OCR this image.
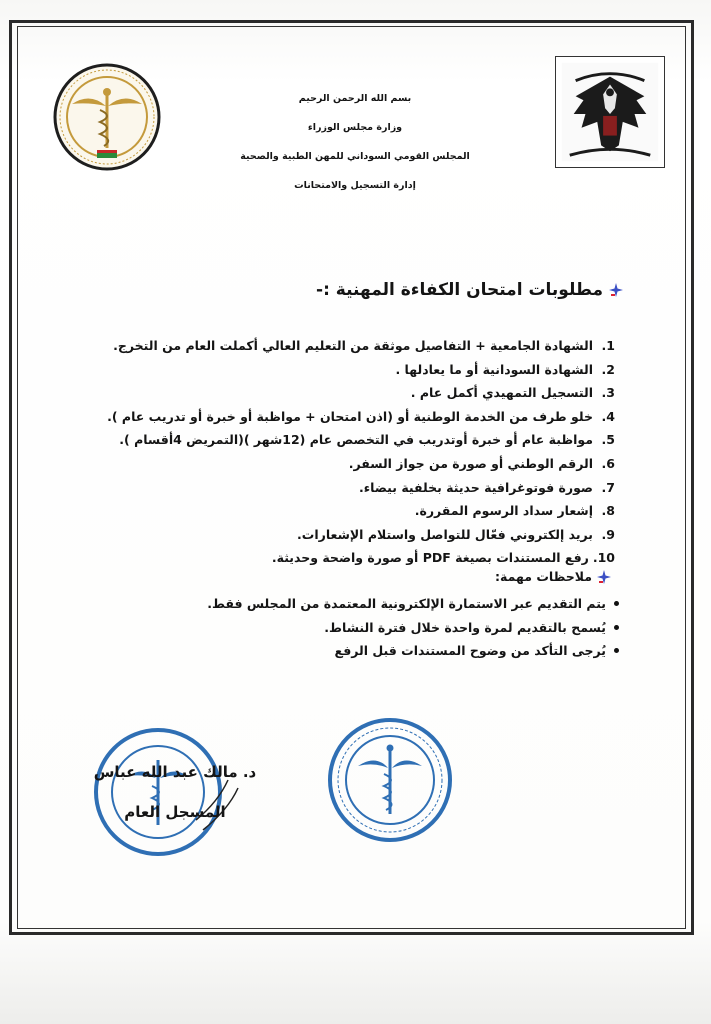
بسم الله الرحمن الرحيم
وزارة مجلس الوزراء
المجلس القومي السوداني للمهن الطبية والصحية
إدارة التسجيل والامتحانات
مطلوبات امتحان الكفاءة المهنية :-
1.
الشهادة الجامعية + التفاصيل موثقة من التعليم العالي أكملت العام من التخرج.
2.
الشهادة السودانية أو ما يعادلها .
3.
التسجيل التمهيدي أكمل عام .
4.
خلو طرف من الخدمة الوطنية أو (اذن امتحان + مواظبة أو خبرة أو تدريب عام ).
5.
مواظبة عام أو خبرة أوتدريب في التخصص عام (12شهر )(التمريض 4أقسام ).
6.
الرقم الوطني أو صورة من جواز السفر.
7.
صورة فوتوغرافية حديثة بخلفية بيضاء.
8.
إشعار سداد الرسوم المقررة.
9.
بريد إلكتروني فعّال للتواصل واستلام الإشعارات.
10.
رفع المستندات بصيغة PDF أو صورة واضحة وحديثة.
ملاحظات مهمة:
يتم التقديم عبر الاستمارة الإلكترونية المعتمدة من المجلس فقط.
يُسمح بالتقديم لمرة واحدة خلال فترة النشاط.
يُرجى التأكد من وضوح المستندات قبل الرفع
د. مالك عبد الله عباس
المسجل العام
